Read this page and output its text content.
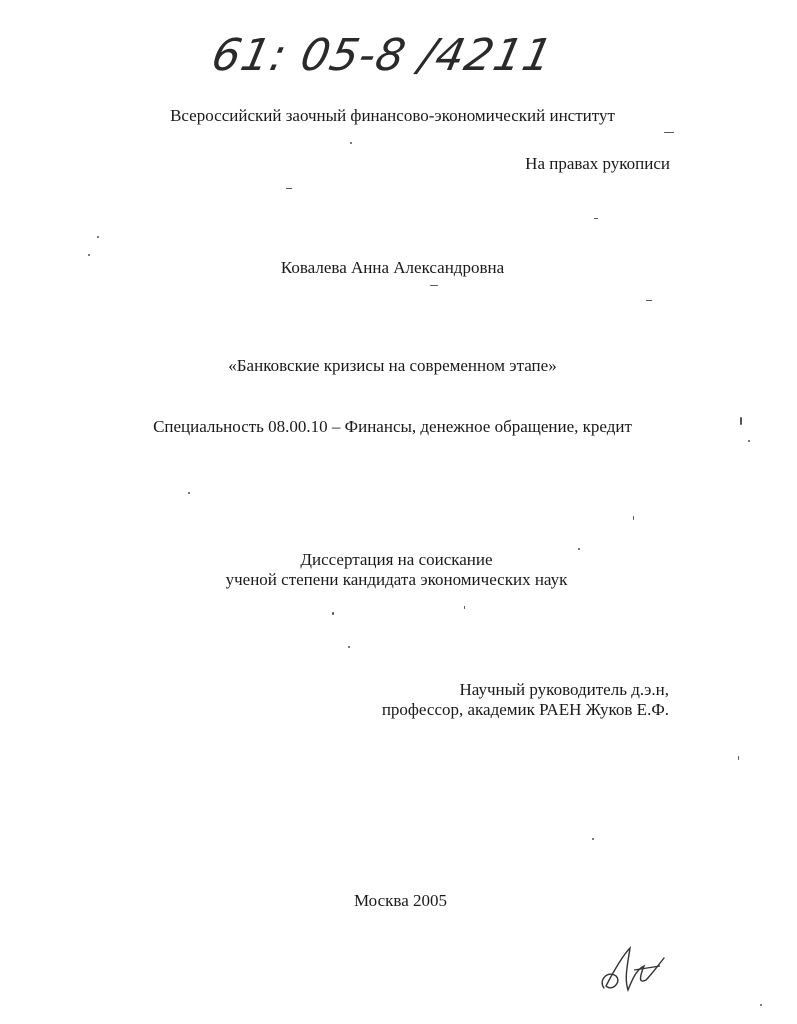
61: 05-8 /4211
Всероссийский заочный финансово-экономический институт
На правах рукописи
Ковалева Анна Александровна
«Банковские кризисы на современном этапе»
Специальность 08.00.10 – Финансы, денежное обращение, кредит
Диссертация на соискание
ученой степени кандидата экономических наук
Научный руководитель д.э.н,
профессор, академик РАЕН Жуков Е.Ф.
Москва 2005
